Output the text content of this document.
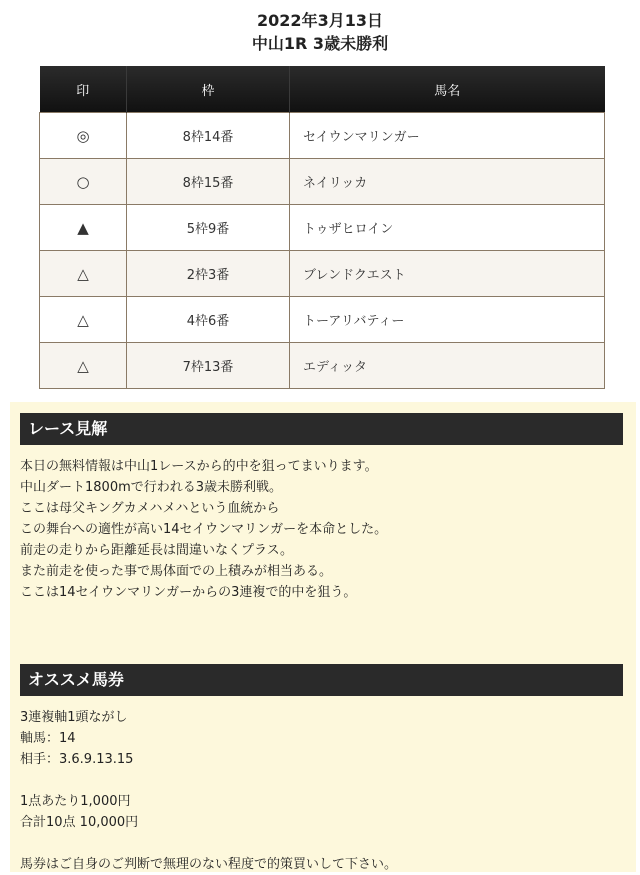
2022年3月13日
中山1R 3歳未勝利
印	枠	馬名
◎	8枠14番	セイウンマリンガー
○	8枠15番	ネイリッカ
▲	5枠9番	トゥザヒロイン
△	2枠3番	ブレンドクエスト
△	4枠6番	トーアリバティー
△	7枠13番	エディッタ
レース見解
本日の無料情報は中山1レースから的中を狙ってまいります。
中山ダート1800mで行われる3歳未勝利戦。
ここは母父キングカメハメハという血統から
この舞台への適性が高い14セイウンマリンガーを本命とした。
前走の走りから距離延長は間違いなくプラス。
また前走を使った事で馬体面での上積みが相当ある。
ここは14セイウンマリンガーからの3連複で的中を狙う。
オススメ馬券
3連複軸1頭ながし
軸馬：14
相手：3.6.9.13.15
1点あたり1,000円
合計10点 10,000円
馬券はご自身のご判断で無理のない程度で的策買いして下さい。
